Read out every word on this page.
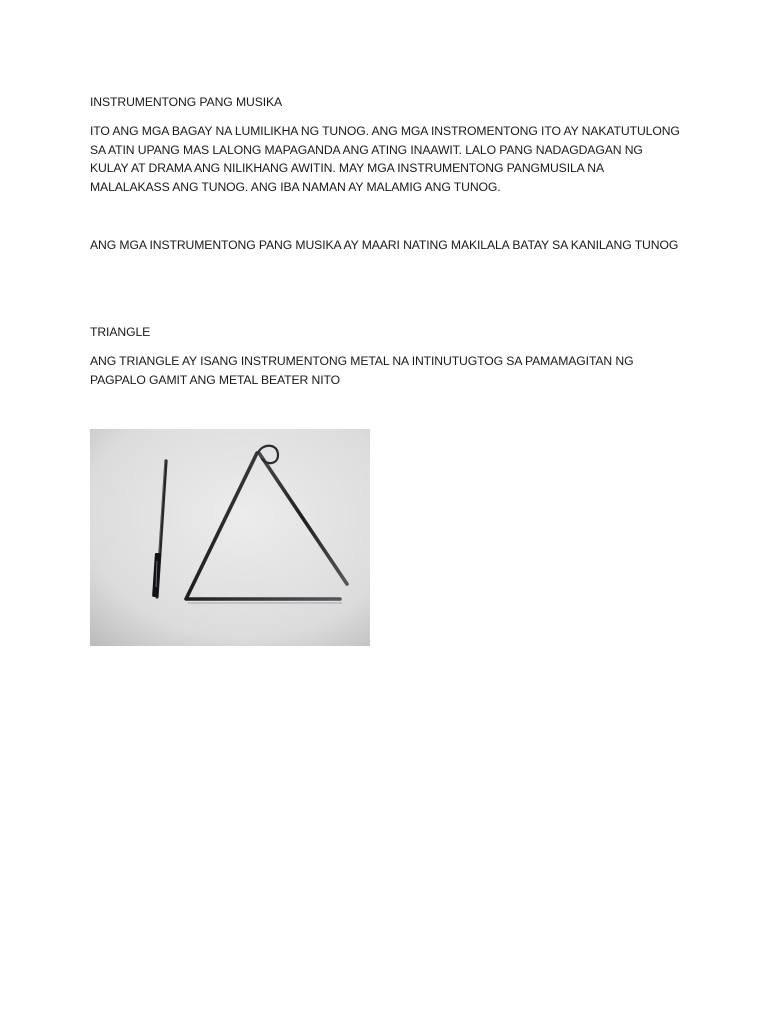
INSTRUMENTONG PANG MUSIKA

ITO ANG MGA BAGAY NA LUMILIKHA NG TUNOG. ANG MGA INSTROMENTONG ITO AY NAKATUTULONG SA ATIN UPANG MAS LALONG MAPAGANDA ANG ATING INAAWIT. LALO PANG NADAGDAGAN NG KULAY AT DRAMA ANG NILIKHANG AWITIN. MAY MGA INSTRUMENTONG PANGMUSILA NA MALALAKASS ANG TUNOG. ANG IBA NAMAN AY MALAMIG ANG TUNOG.

ANG MGA INSTRUMENTONG PANG MUSIKA AY MAARI NATING MAKILALA BATAY SA KANILANG TUNOG

TRIANGLE

ANG TRIANGLE AY ISANG INSTRUMENTONG METAL NA INTINUTUGTOG SA PAMAMAGITAN NG PAGPALO GAMIT ANG METAL BEATER NITO
